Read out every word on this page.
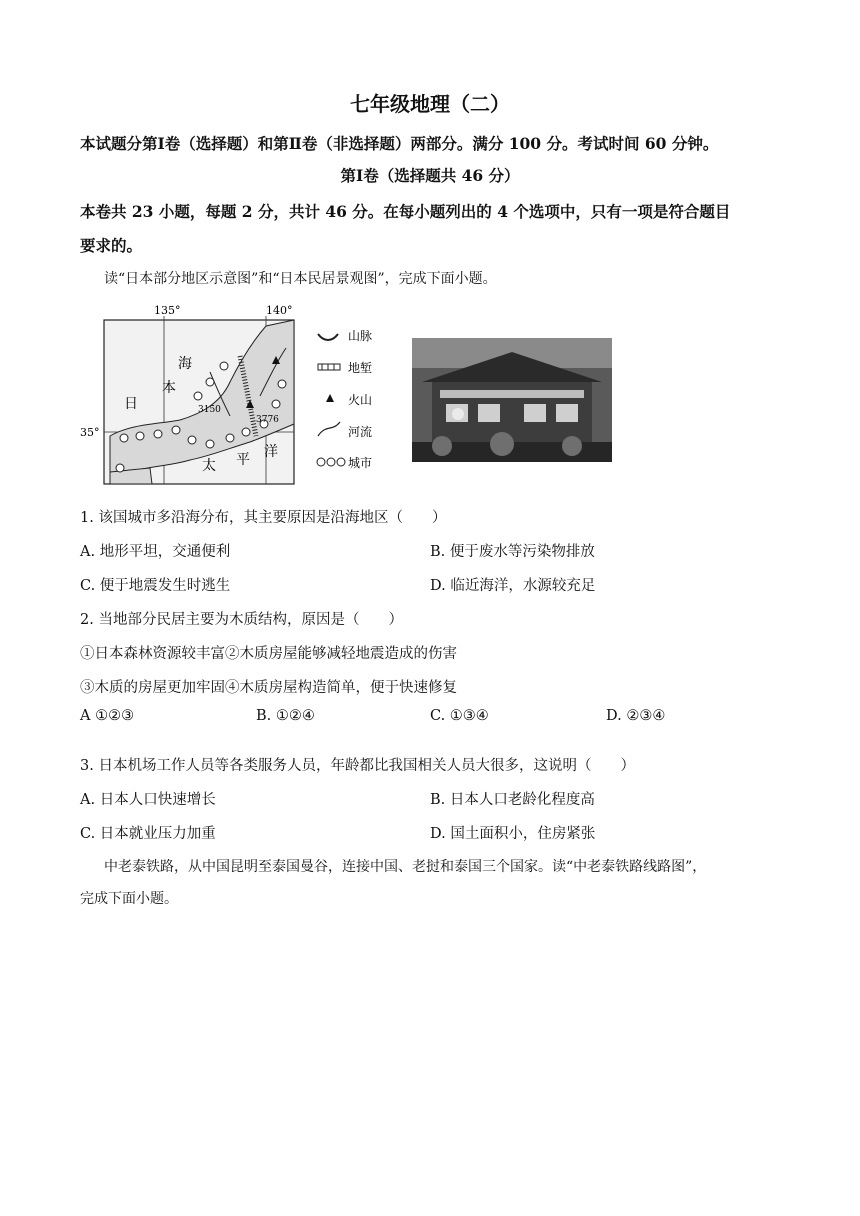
七年级地理（二）
本试题分第Ⅰ卷（选择题）和第Ⅱ卷（非选择题）两部分。满分 100 分。考试时间 60 分钟。
第Ⅰ卷（选择题共 46 分）
本卷共 23 小题，每题 2 分，共计 46 分。在每小题列出的 4 个选项中，只有一项是符合题目
要求的。
读“日本部分地区示意图”和“日本民居景观图”，完成下面小题。
135°	140°
35°
海
本
日
太 平 洋
3150
3776
山脉
地堑
火山
河流
城市
1. 该国城市多沿海分布，其主要原因是沿海地区（　　）
A. 地形平坦，交通便利	B. 便于废水等污染物排放
C. 便于地震发生时逃生	D. 临近海洋，水源较充足
2. 当地部分民居主要为木质结构，原因是（　　）
①日本森林资源较丰富②木质房屋能够减轻地震造成的伤害
③木质的房屋更加牢固④木质房屋构造简单，便于快速修复
A ①②③	B. ①②④	C. ①③④	D. ②③④
3. 日本机场工作人员等各类服务人员，年龄都比我国相关人员大很多，这说明（　　）
A. 日本人口快速增长	B. 日本人口老龄化程度高
C. 日本就业压力加重	D. 国土面积小，住房紧张
中老泰铁路，从中国昆明至泰国曼谷，连接中国、老挝和泰国三个国家。读“中老泰铁路线路图”，
完成下面小题。
